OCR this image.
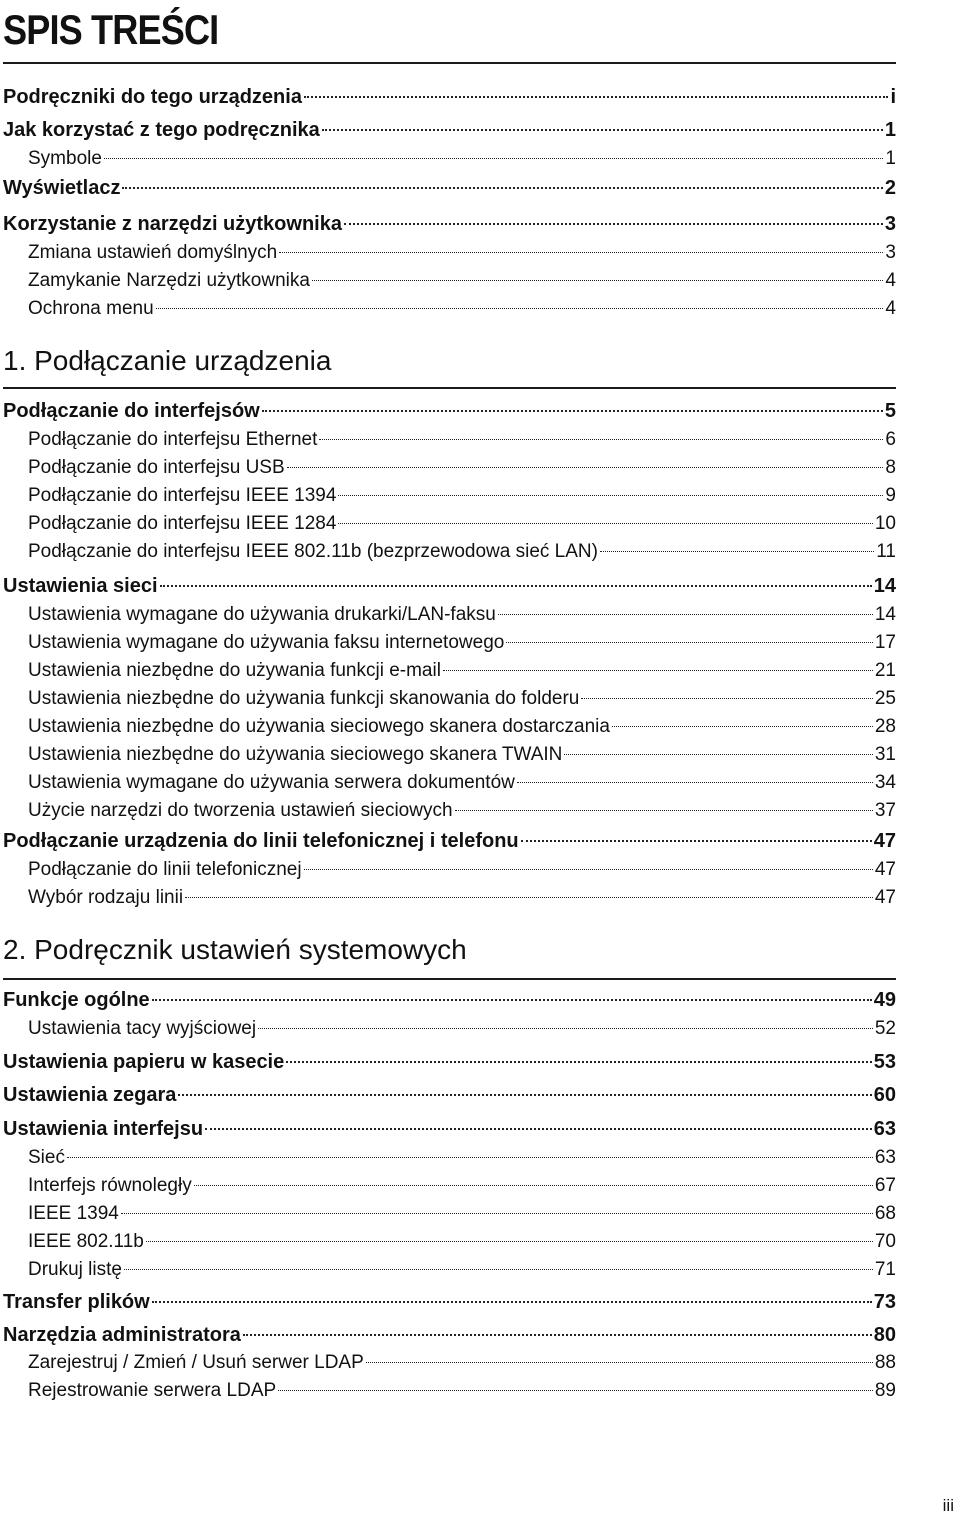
SPIS TREŚCI
Podręczniki do tego urządzenia	i
Jak korzystać z tego podręcznika	1
Symbole	1
Wyświetlacz	2
Korzystanie z narzędzi użytkownika	3
Zmiana ustawień domyślnych	3
Zamykanie Narzędzi użytkownika	4
Ochrona menu	4
1. Podłączanie urządzenia
Podłączanie do interfejsów	5
Podłączanie do interfejsu Ethernet	6
Podłączanie do interfejsu USB	8
Podłączanie do interfejsu IEEE 1394	9
Podłączanie do interfejsu IEEE 1284	10
Podłączanie do interfejsu IEEE 802.11b (bezprzewodowa sieć LAN)	11
Ustawienia sieci	14
Ustawienia wymagane do używania drukarki/LAN-faksu	14
Ustawienia wymagane do używania faksu internetowego	17
Ustawienia niezbędne do używania funkcji e-mail	21
Ustawienia niezbędne do używania funkcji skanowania do folderu	25
Ustawienia niezbędne do używania sieciowego skanera dostarczania	28
Ustawienia niezbędne do używania sieciowego skanera TWAIN	31
Ustawienia wymagane do używania serwera dokumentów	34
Użycie narzędzi do tworzenia ustawień sieciowych	37
Podłączanie urządzenia do linii telefonicznej i telefonu	47
Podłączanie do linii telefonicznej	47
Wybór rodzaju linii	47
2. Podręcznik ustawień systemowych
Funkcje ogólne	49
Ustawienia tacy wyjściowej	52
Ustawienia papieru w kasecie	53
Ustawienia zegara	60
Ustawienia interfejsu	63
Sieć	63
Interfejs równoległy	67
IEEE 1394	68
IEEE 802.11b	70
Drukuj listę	71
Transfer plików	73
Narzędzia administratora	80
Zarejestruj / Zmień / Usuń serwer LDAP	88
Rejestrowanie serwera LDAP	89
iii
